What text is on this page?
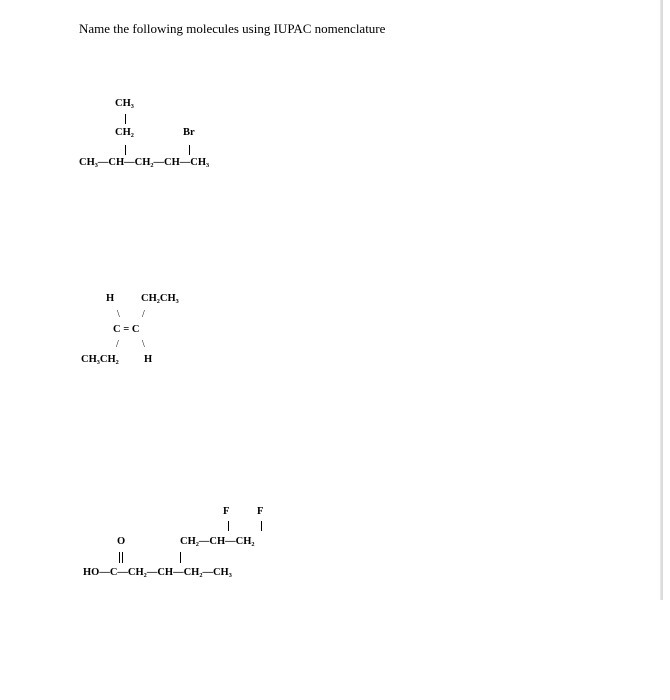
Name the following molecules using IUPAC nomenclature
CH₃
CH₂	Br
CH₃—CH—CH₂—CH—CH₃
H	CH₂CH₃
\ /
C = C
/ \
CH₃CH₂ H
F	F
CH₂—CH—CH₂
O
HO—C—CH₂—CH—CH₂—CH₃
